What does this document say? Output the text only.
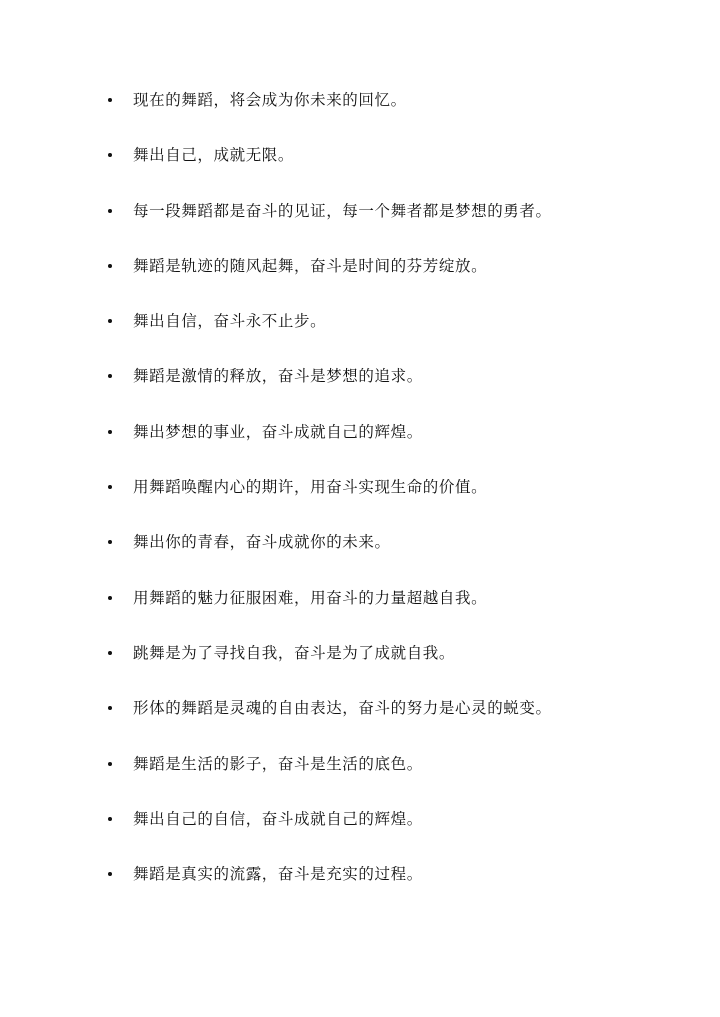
现在的舞蹈，将会成为你未来的回忆。
舞出自己，成就无限。
每一段舞蹈都是奋斗的见证，每一个舞者都是梦想的勇者。
舞蹈是轨迹的随风起舞，奋斗是时间的芬芳绽放。
舞出自信，奋斗永不止步。
舞蹈是激情的释放，奋斗是梦想的追求。
舞出梦想的事业，奋斗成就自己的辉煌。
用舞蹈唤醒内心的期许，用奋斗实现生命的价值。
舞出你的青春，奋斗成就你的未来。
用舞蹈的魅力征服困难，用奋斗的力量超越自我。
跳舞是为了寻找自我，奋斗是为了成就自我。
形体的舞蹈是灵魂的自由表达，奋斗的努力是心灵的蜕变。
舞蹈是生活的影子，奋斗是生活的底色。
舞出自己的自信，奋斗成就自己的辉煌。
舞蹈是真实的流露，奋斗是充实的过程。
